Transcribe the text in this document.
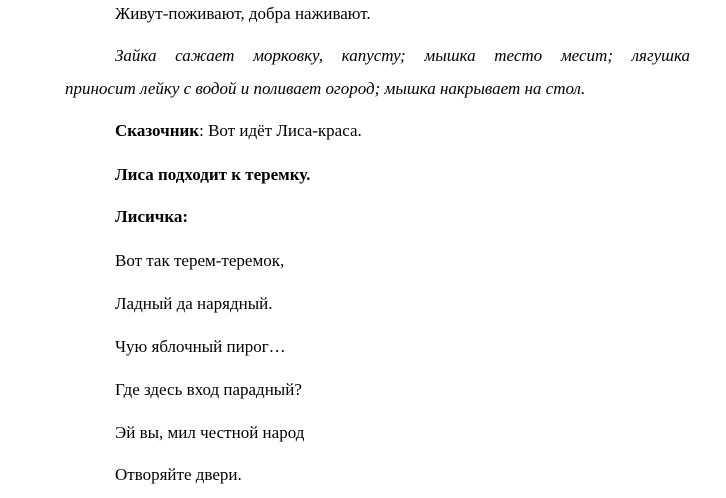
Живут-поживают, добра наживают.
Зайка сажает морковку, капусту; мышка тесто месит; лягушка
приносит лейку с водой и поливает огород; мышка накрывает на стол.
Сказочник: Вот идёт Лиса-краса.
Лиса подходит к теремку.
Лисичка:
Вот так терем-теремок,
Ладный да нарядный.
Чую яблочный пирог…
Где здесь вход парадный?
Эй вы, мил честной народ
Отворяйте двери.
